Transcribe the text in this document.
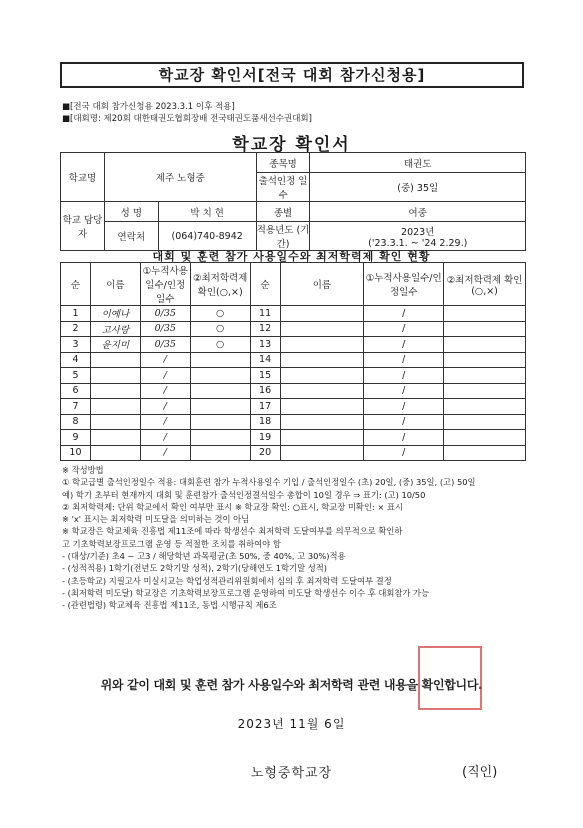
학교장 확인서[전국 대회 참가신청용]
■[전국 대회 참가신청용 2023.3.1 이후 적용]
■[대회명: 제20회 대한태권도협회장배 전국태권도품새선수권대회]
학교장 확인서
학교명	제주 노형중		종목명	태권도
			출석인정 일수	(중) 35일
학교 담당자	성 명	박 치 현	종별	여중
	연락처	(064)740-8942	적용년도 (기간)	2023년
('23.3.1. ~ '24 2.29.)
대회 및 훈련 참가 사용일수와 최저학력제 확인 현황
순	이름	①누적사용일수/인정일수	②최저학력제 확인(○,×)	순	이름	①누적사용일수/인정일수	②최저학력제 확인(○,×)
1	이예나	0/35	○	11		/	
2	고사랑	0/35	○	12		/	
3	윤지미	0/35	○	13		/	
4		/		14		/	
5		/		15		/	
6		/		16		/	
7		/		17		/	
8		/		18		/	
9		/		19		/	
10		/		20		/	
※ 작성방법
① 학교급별 출석인정일수 적용: 대회훈련 참가 누적사용일수 기입 / 출석인정일수 (초) 20일, (중) 35일, (고) 50일
예) 학기 초부터 현재까지 대회 및 훈련참가 출석인정결석일수 총합이 10일 경우 ⇒ 표기: (고) 10/50
② 최저학력제: 단위 학교에서 확인 여부만 표시 ※ 학교장 확인: ○표시, 학교장 미확인: × 표시
※ 'x' 표시는 최저학력 미도달을 의미하는 것이 아님
※ 학교장은 학교체육 진흥법 제11조에 따라 학생선수 최저학력 도달여부를 의무적으로 확인하
고 기초학력보장프로그램 운영 등 적절한 조치를 취하여야 함
- (대상/기준) 초4 ~ 고3 / 해당학년 과목평균(초 50%, 중 40%, 고 30%)적용
- (성적적용) 1학기(전년도 2학기말 성적), 2학기(당해연도 1학기말 성적)
- (초등학교) 지필고사 미실시교는 학업성적관리위원회에서 심의 후 최저학력 도달여부 결정
- (최저학력 미도달) 학교장은 기초학력보장프로그램 운영하여 미도달 학생선수 이수 후 대회참가 가능
- (관련법령) 학교체육 진흥법 제11조, 동법 시행규칙 제6조
위와 같이 대회 및 훈련 참가 사용일수와 최저학력 관련 내용을 확인합니다.
2023년 11월 6일
노형중학교장	(직인)
